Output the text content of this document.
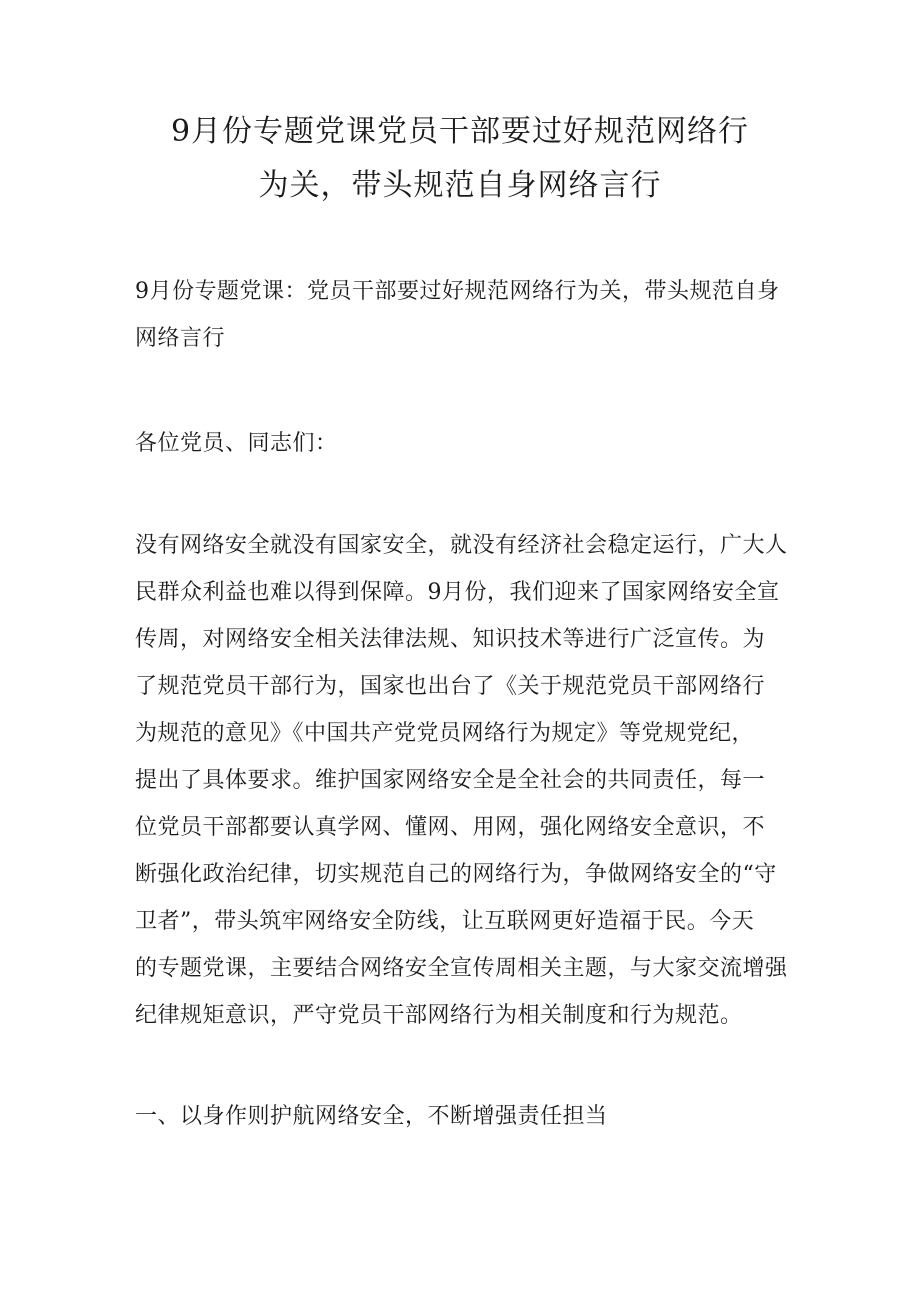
9月份专题党课党员干部要过好规范网络行
为关，带头规范自身网络言行
9月份专题党课：党员干部要过好规范网络行为关，带头规范自身
网络言行
各位党员、同志们：
没有网络安全就没有国家安全，就没有经济社会稳定运行，广大人
民群众利益也难以得到保障。9月份，我们迎来了国家网络安全宣
传周，对网络安全相关法律法规、知识技术等进行广泛宣传。为
了规范党员干部行为，国家也出台了《关于规范党员干部网络行
为规范的意见》《中国共产党党员网络行为规定》等党规党纪，
提出了具体要求。维护国家网络安全是全社会的共同责任，每一
位党员干部都要认真学网、懂网、用网，强化网络安全意识，不
断强化政治纪律，切实规范自己的网络行为，争做网络安全的“守
卫者”，带头筑牢网络安全防线，让互联网更好造福于民。今天
的专题党课，主要结合网络安全宣传周相关主题，与大家交流增强
纪律规矩意识，严守党员干部网络行为相关制度和行为规范。
一、以身作则护航网络安全，不断增强责任担当
